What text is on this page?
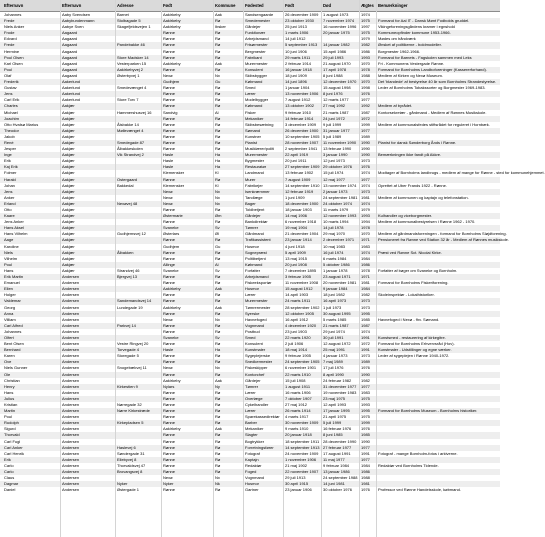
Efternavn	Efternavn	Adresse	Født	Kommune	Fødested	Født	Død	Ægtes Bemærkninger
Johannes	Aaby Svendsen	Barnet	Aakirkeby	Aak	Sandsengaarde	26 december 1909	1 august 1973	1974
Frede	Aabybundenmann	Stolbagade 5	Aakirkeby	Rø	Smedemester	23 oktober 1930	7 november 1974	1975	Formand for Aal IT - Dansk Mønt Fodbolds gruddel.
Niels Anker	Aabye Sven	Skagefjeldsvejen 1	Aakirkeby	Ibsker	Gårdejer	25 juni 1913	16 november 1996	1997	Vikingeforeningsgårdens kramer i egnshold
Frode	Aagaard	Rønne	Rø	Funktionær	1 marts 1906	20 januar 1975	1975	Kommuneopfinder kommune 1953-1966.
Edvard	Aagaard	Rønne	Rø	Arbejdsmand	14 juli 1912	1979	Mødes om håndværk
Frede	Aagaard	Pandebakke 46	Rønne	Rø	Frisørmester	5 september 1913	14 januar 1982	1982	Ønsket af politikerne - boldmodeller.
Hermine	Aagaard	Rønne	Rø	Bergmester	10 juni 1906	15 april 1986	1986	Borgmester 1962-1966.
Poul Olsen	Aagaard	Store Madsker 14	Rønne	Rø	Fabrikant	29 marts 1911	29 juli 1993	1993	Formand for Barnets - Fagskolen sammen med Leks
Karl Olsen	Aagaard	Vesterparken 15	Aakirkeby	Aak	Murermester	2 februar 1914	21 august 1970	1970	Fri - Kommunens Vestergade Rønne.
Poul	Aagaard	Aakirkebyvej 2	Rønne	Rø	Konsulent	16 januar 1918	17 april 1978	1978	Formand for Bornholms Landboforeninger (Kassererforhand).
Olaf	Aagaard	Østerbyvej 1	Nexø	Nx	Skibsbygger	18 juni 1909	8 juni 1988	1988	Medlem af Kirken og Nexø Museum.
Frederik	Aakerlund	Gudhjem	Gu	Købmand	14 juni 1896	12 december 1970	1970	Det 'blandede' af bestyrelse 40 år som Bornholms Strandestyrelse.
Gustav	Aakerlund	Smedevænget 4	Rønne	Rø	Smed	1 januar 1904	15 august 1998	1998	Leder af Bornholms Tobakssorter og Borgmester 1969-1983.
Jens	Aakerlund	Rønne	Rø	Lærer	13 november 1906	8 juni 1976	1976
Carl Erik	Aakerlund	Store Torv 7	Rønne	Rø	Modelbygger	7 august 1912	12 marts 1977	1977
Charles	Aakjær	Rønne	Rø	Købmand	13 oktober 1902	27 maj 1992	1992	Medlem af byrådet.
Michael	Aakjær	Hammershusvej 16	Sandvig	Al	Fisker	9 februar 1910	21 marts 1987	1987	Kontorsekretær - gårdmand - Medlem af Rønnes Musikskole.
Joachim	Aakjær	Rønne	Rø	Mekaniker	14 februar 1914	24 juni 1972	1972
Otto Hvalsø Marius	Aakjær	Ålsbakke 14	Rønne	Rø	Skibsbesætning	3 december 1909	9 juli 1999	1999	Medlem af kommunalsfedes stiftsrådet for reguleret i Hornbæk.
Theodor	Aakjær	Møllevænget 4	Rønne	Rø	Sømand	26 december 1900	31 januar 1977	1977
Jakob	Aakjær	Rønne	Rø	Kunstner	10 september 1905 5 juli 1989	1989
René	Aakjær	Smedegade 87	Rønne	Rø	Pianist	28 november 1907	11 november 1990	1990	Pianist for dansk Sønderborg Ånds i Rønne.
Jesper	Aakjær	Ålbakkeskolen	Rønne	Rø	Musiklærer/politi	2 september 1941	13 februar 1990	1990
Inge	Aakjær	Vik Strandvej 2	Hasle	Ha	Murermester	22 april 1919	3 januar 1990	1990	Bemærkningen ikke fandt på Akkre.
Erik	Aakjær	Hasle	Ha	Bygmester	20 juni 1911	12 juni 1973	1973
Kaj Erik	Aakjær	Hasle	Ha	Restauratør	27 september 1909 29 oktober 1976	1976
Folmer	Aakjær	Klemensker	Kl	Landmand	13 februar 1902	15 juli 1974	1974	Modtager af Bornholms landbrugs - medlem af mange for Rønne - sted for kommunehjemmet.
Harald	Aakjær	Ostergaard	Rønne	Rø	Murer	7 august 1909	12 maj 1977	1977
Johan	Aakjær	Bakkedal	Klemensker	Kl	Fabrikejer	14 september 1910 13 november 1974	1974	Oprettet af Uber Frands 1922 - Rønne.
Jens	Aakjær	Nexø	Nx	Isenkræmmer	12 februar 1919	2 januar 1973	1973
Anker	Aakjær	Nexø	Nx	Tandlæge	1 juni 1909	24 september 1981 1981	Medlem af kommunen og kaptajn og telefonstation.
Erland	Aakjær	Nexøvej 48	Nexø	Nx	Bager	18 december 1900	24 oktober 1974	1974
Otto	Aakjær	Rønne	Rø	Toldbetjent	18 januar 1903	11 marts 1979	1979
Kaare	Aakjær	Østermarie	Øm	Gårdejer	14 maj 1906	12 november 1993	1993	Kulhandler og viceborgmester.
Jens Anker	Aakjær	Rønne	Rø	Bankdirektør	6 november 1918	10 marts 1994	1994	Medlem af kommunalbestyrelsen i Rønne 1962 - 1970.
Hans Aksel	Aakjær	Svaneke	Sv	Tømrer	19 maj 1904	14 juli 1978	1978
Hans Vilhelm	Aakjær	Gudhjemsvej 12	Østerlars	Øl	Gårdmand	21 december 1904	29 maj 1970	1970	Medlem af gårdmandsforeningen - formand for Bornholms Sløjdforening.
Aage	Aakjær	Rønne	Rø	Trafikassistent	23 januar 1914	2 december 1971	1971	Pensioneret fra Rønne ved Station 32 år - Medlem af Rønnes musikskole.
Karoline	Aakjær	Gudhjem	Gu	Husmor	4 juni 1918	10 maj 1983	1983
Niels	Aakjær	Ålbakken	Rønne	Rø	Sognepræst	5 april 1909	16 juli 1974	1974	Præst ved Rønne Sct. Nicolai Kirke.
Vilhelm	Aakjær	Rønne	Rø	Politibetjent	13 maj 1915	6 marts 1984	1984
Poul	Aakjær	Allinge	Al	Købmand	20 juni 1908	5 oktober 1986	1986
Hans	Aakjær	Strandvej 46	Svaneke	Sv	Forfatter	7 december 1895	1 januar 1978	1978	Forfatter af bøger om Svaneke og Bornholm.
Erik Martin	Andersen	Bjergvej 13	Rønne	Rø	Arbejdsmand	3 februar 1905	23 august 1971	1971
Emanuel	Andersen	Rønne	Rø	Fiskeeksportør	11 november 1908	20 november 1981	1981	Formand for Bornholms Fiskeriforening.
Ellen	Andersen	Aakirkeby	Aak	Husmor	15 august 1912	9 januar 1984	1984
Holger	Andersen	Rønne	Rø	Lærer	14 april 1903	18 juni 1982	1982	Skoleinspektør - Lokalhistoriker.
Valdemar	Andersen	Sandemandsvej 14	Rønne	Rø	Murermester	24 marts 1911	16 april 1973	1973
Georg	Andersen	Lundegade 19	Aakirkeby	Aak	Tømrermester	28 september 1902 1 juli 1973	1973
Anna	Andersen	Rønne	Rø	Syerske	12 oktober 1905	30 august 1995	1995
Villiam	Andersen	Nexø	Nx	Havnefoged	16 april 1912	5 marts 1985	1985	Havnefoged i Nexø - fhv. Sømand.
Carl Alfred	Andersen	Parkvej 14	Rønne	Rø	Vognmand	4 december 1920	21 marts 1987	1987
Johannes	Andersen	Rønne	Rø	Postbud	23 juni 1903	29 juni 1974	1974
Olfert	Andersen	Svaneke	Sv	Smed	22 marts 1920	30 juli 1991	1991	Kunstsmed - restaurering af kirkegitre.
Bent Olsen	Andersen	Vestre Ringvej 20	Rønne	Rø	Konsulent	2 juli 1906	12 august 1972	1972	Formand for Bornholms Erhvervsråd (Hov).
Bernhard	Andersen	Torvegade 4	Hasle	Ha	Kunstmaler	18 maj 1914	25 maj 1991	1991	Kunstmaler - Udstillinger og egne værker.
Karen	Andersen	Storegade 5	Rønne	Rø	Sygeplejerske	9 februar 1905	4 januar 1973	1973	Leder af sygeplejen i Rønne 1940-1972.
Ove	Andersen	Rønne	Rø	Snedkermester	24 september 1905 7 maj 1989	1989
Niels Gunner	Andersen	Snogebækvej 11	Nexø	Nx	Fiskeskipper	6 november 1901	17 juli 1976	1976
Ole	Andersen	Rønne	Rø	Kontorchef	22 marts 1910	8 april 1990	1990
Christian	Andersen	Aakirkeby	Aak	Gårdejer	15 juli 1908	24 februar 1982	1982
Henry	Andersen	Kirkestien 9	Nylars	Ny	Tømrer	1 august 1911	31 december 1977	1977
Hans	Andersen	Rønne	Rø	Lærer	16 marts 1906	19 november 1983	1983
Julius	Andersen	Rønne	Rø	Overlæge	7 oktober 1907	23 maj 1975	1975
Kristian	Andersen	Nørregade 32	Rønne	Rø	Cykelhandler	27 maj 1912	12 april 1993	1993
Martin	Andersen	Nørre Kirkestræde	Rønne	Rø	Lærer	26 marts 1914	17 januar 1995	1995	Formand for Bornholms Museum - Bornholms historiker.
Poul	Andersen	Rønne	Rø	Sparekassedirektør	4 marts 1917	21 april 1975	1975
Rudolph	Andersen	Kirkepladsen 5	Rønne	Rø	Barber	30 november 1909	5 juli 1999	1999
Sigurd	Andersen	Aakirkeby	Aak	Mekaniker	9 marts 1910	16 februar 1976	1976
Thorvald	Andersen	Rønne	Rø	Slagter	20 januar 1918	8 juni 1985	1985
Carl Fugl	Andersen	Rønne	Rø	Bogtrykker	18 september 1911 28 december 1990	1990
Carl Anker	Andersen	Haslevej 6	Rønne	Rø	Forretningsfører	14 september 1913 27 februar 1977	1977
Carl Henrik	Andersen	Søndergade 31	Rønne	Rø	Fotograf	24 november 1909	17 august 1991	1991	Fotograf - mange Bornholm-fotos i arkiverne.
Erik	Andersen	Ellebyvej 8	Rønne	Rø	Kaptajn	1 november 1906	11 maj 1977	1977
Carlo	Andersen	Thorvaldsvej 47	Rønne	Rø	Redaktør	21 maj 1902	9 februar 1984	1984	Redaktør ved Bornholms Tidende.
Carlo	Andersen	Brovangsvej 8	Rønne	Rø	Foged	22 november 1907	13 januar 1986	1986
Claus	Andersen	Nexø	Nx	Vognmand	29 juli 1913	24 september 1988 1988
Dagmar	Andersen	Nyker	Nyker	Nk	Husmor	30 april 1915	14 juni 1981	1981
Daniel	Andersen	Østergade 1	Rønne	Rø	Gartner	23 januar 1906	30 oktober 1976	1976	Professor ved Rønne Handelsskole, købmand.
